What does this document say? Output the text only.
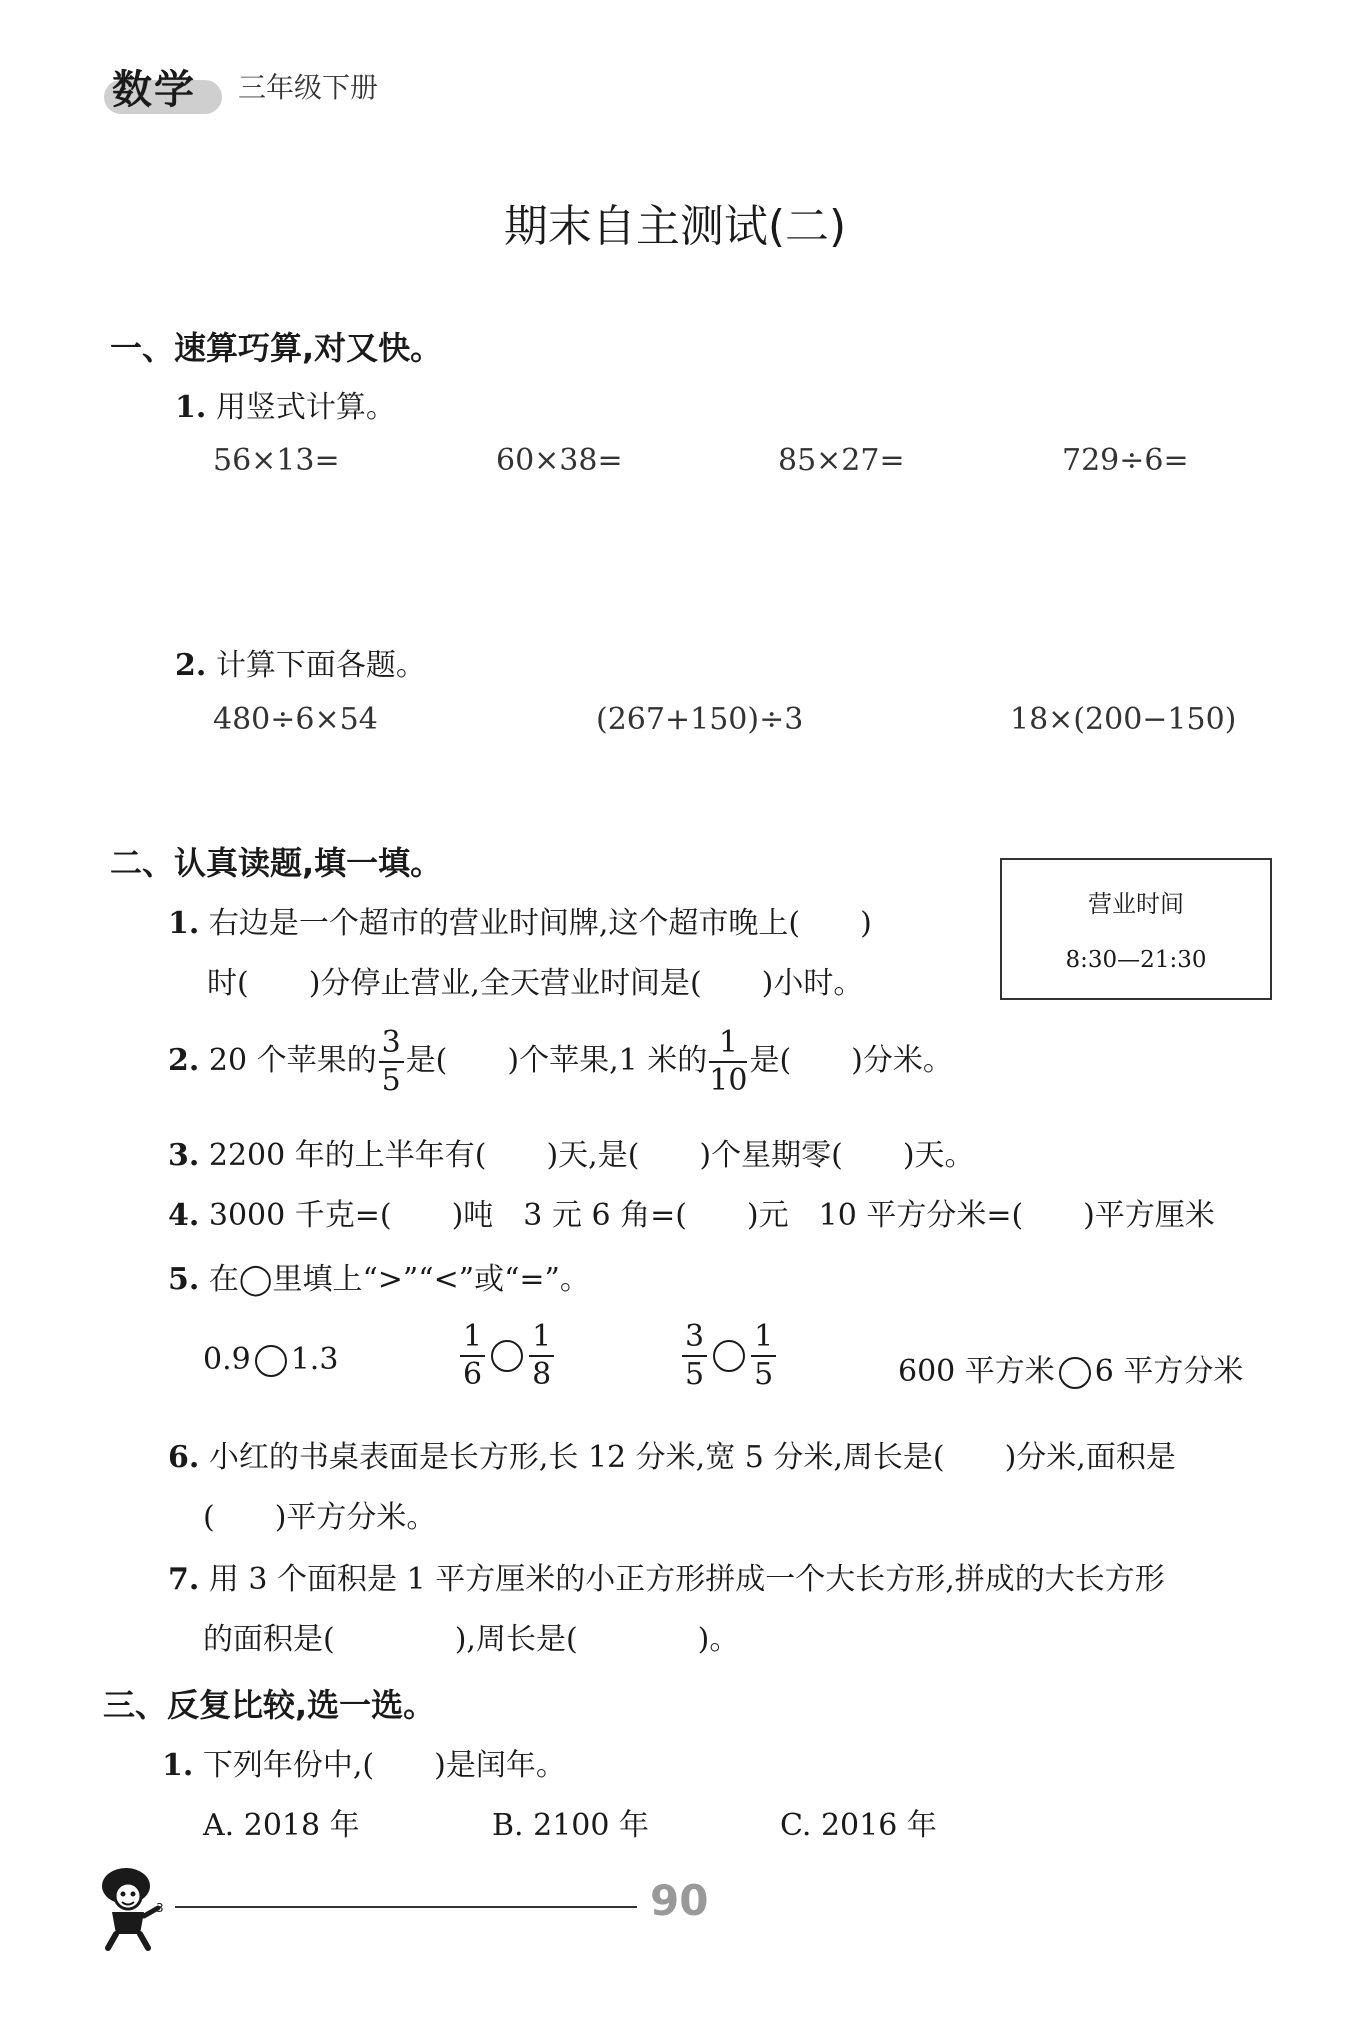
数学 三年级下册
期末自主测试(二)
一、速算巧算,对又快。
1. 用竖式计算。
56×13=	60×38=	85×27=	729÷6=
2. 计算下面各题。
480÷6×54	(267+150)÷3	18×(200−150)
二、认真读题,填一填。
营业时间
8:30—21:30
1. 右边是一个超市的营业时间牌,这个超市晚上(　　)
时(　　)分停止营业,全天营业时间是(　　)小时。
2. 20 个苹果的 $\frac{3}{5}$ 是(　　)个苹果,1 米的 $\frac{1}{10}$ 是(　　)分米。
3. 2200 年的上半年有(　　)天,是(　　)个星期零(　　)天。
4. 3000 千克=(　　)吨　3 元 6 角=(　　)元　10 平方分米=(　　)平方厘米
5. 在◯里填上“>”“<”或“=”。
0.9 1.3	$\frac{1}{6} \frac{1}{8}$	$\frac{3}{5} \frac{1}{5}$	600 平方米 6 平方分米
6. 小红的书桌表面是长方形,长 12 分米,宽 5 分米,周长是(　　)分米,面积是
(　　)平方分米。
7. 用 3 个面积是 1 平方厘米的小正方形拼成一个大长方形,拼成的大长方形
的面积是(　　　　),周长是(　　　　)。
三、反复比较,选一选。
1. 下列年份中,(　　)是闰年。
A. 2018 年	B. 2100 年	C. 2016 年
3	90
